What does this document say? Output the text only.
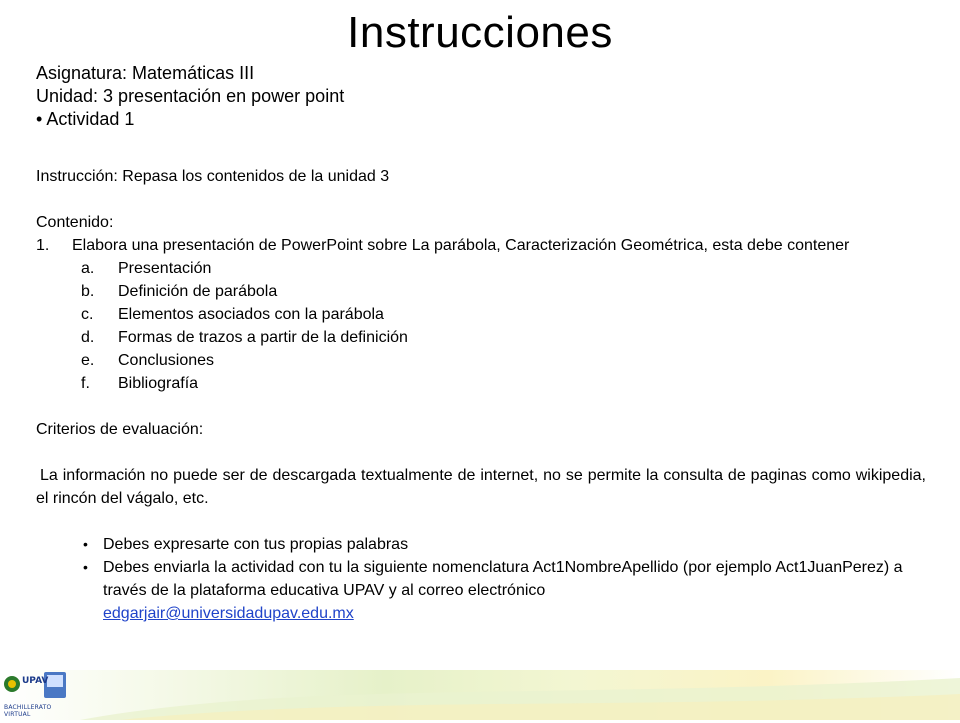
Instrucciones
Asignatura: Matemáticas III
Unidad: 3 presentación en power point
• Actividad 1

Instrucción: Repasa los contenidos de la unidad 3

Contenido:

1.	Elabora una presentación de PowerPoint sobre La parábola, Caracterización Geométrica, esta debe contener
a.	Presentación
b.	Definición de parábola
c.	Elementos asociados con la parábola
d.	Formas de trazos a partir de la definición
e.	Conclusiones
f.	Bibliografía

Criterios de evaluación:

La información no puede ser de descargada textualmente de internet, no se permite la consulta de paginas como wikipedia, el rincón del vágalo, etc.

• Debes expresarte con tus propias palabras
• Debes enviarla la actividad con tu la siguiente nomenclatura Act1NombreApellido (por ejemplo Act1JuanPerez) a través de la plataforma educativa UPAV y al correo electrónico
edgarjair@universidadupav.edu.mx
UPAV
BACHILLERATO VIRTUAL
